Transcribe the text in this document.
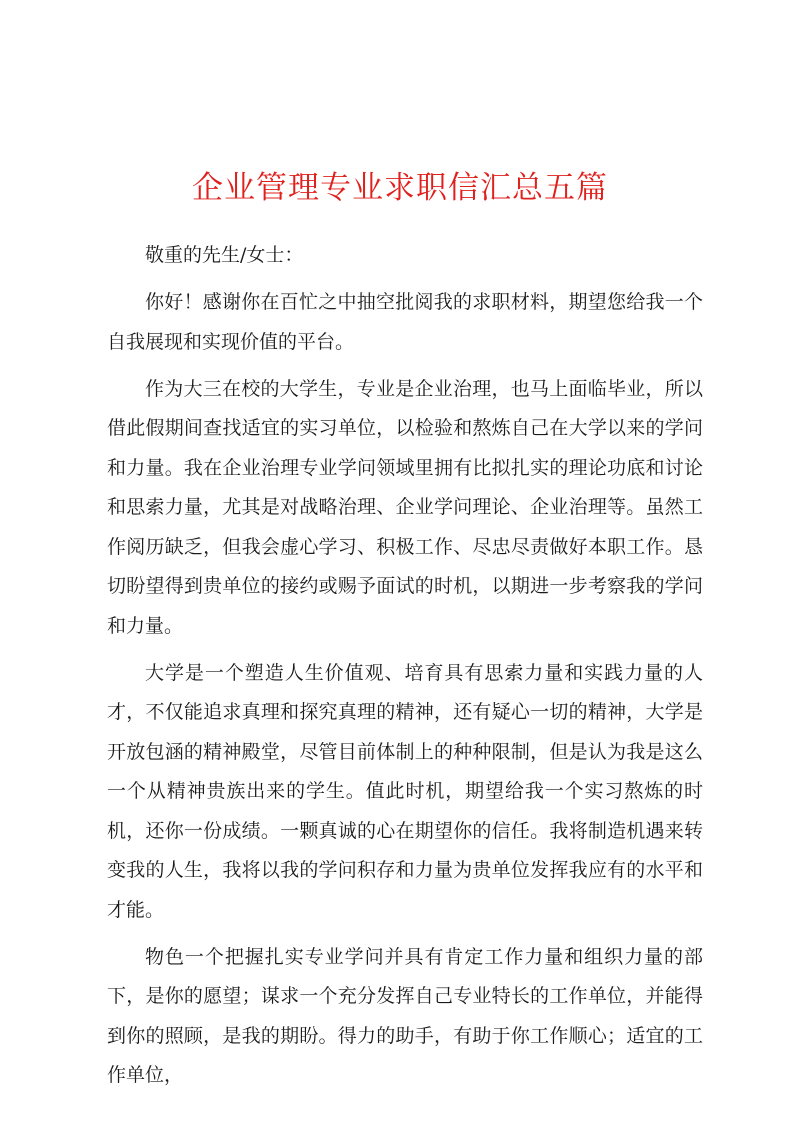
企业管理专业求职信汇总五篇

敬重的先生/女士：

你好！感谢你在百忙之中抽空批阅我的求职材料，期望您给我一个自我展现和实现价值的平台。

作为大三在校的大学生，专业是企业治理，也马上面临毕业，所以借此假期间查找适宜的实习单位，以检验和熬炼自己在大学以来的学问和力量。我在企业治理专业学问领域里拥有比拟扎实的理论功底和讨论和思索力量，尤其是对战略治理、企业学问理论、企业治理等。虽然工作阅历缺乏，但我会虚心学习、积极工作、尽忠尽责做好本职工作。恳切盼望得到贵单位的接约或赐予面试的时机，以期进一步考察我的学问和力量。

大学是一个塑造人生价值观、培育具有思索力量和实践力量的人才，不仅能追求真理和探究真理的精神，还有疑心一切的精神，大学是开放包涵的精神殿堂，尽管目前体制上的种种限制，但是认为我是这么一个从精神贵族出来的学生。值此时机，期望给我一个实习熬炼的时机，还你一份成绩。一颗真诚的心在期望你的信任。我将制造机遇来转变我的人生，我将以我的学问积存和力量为贵单位发挥我应有的水平和才能。

物色一个把握扎实专业学问并具有肯定工作力量和组织力量的部下，是你的愿望；谋求一个充分发挥自己专业特长的工作单位，并能得到你的照顾，是我的期盼。得力的助手，有助于你工作顺心；适宜的工作单位，
